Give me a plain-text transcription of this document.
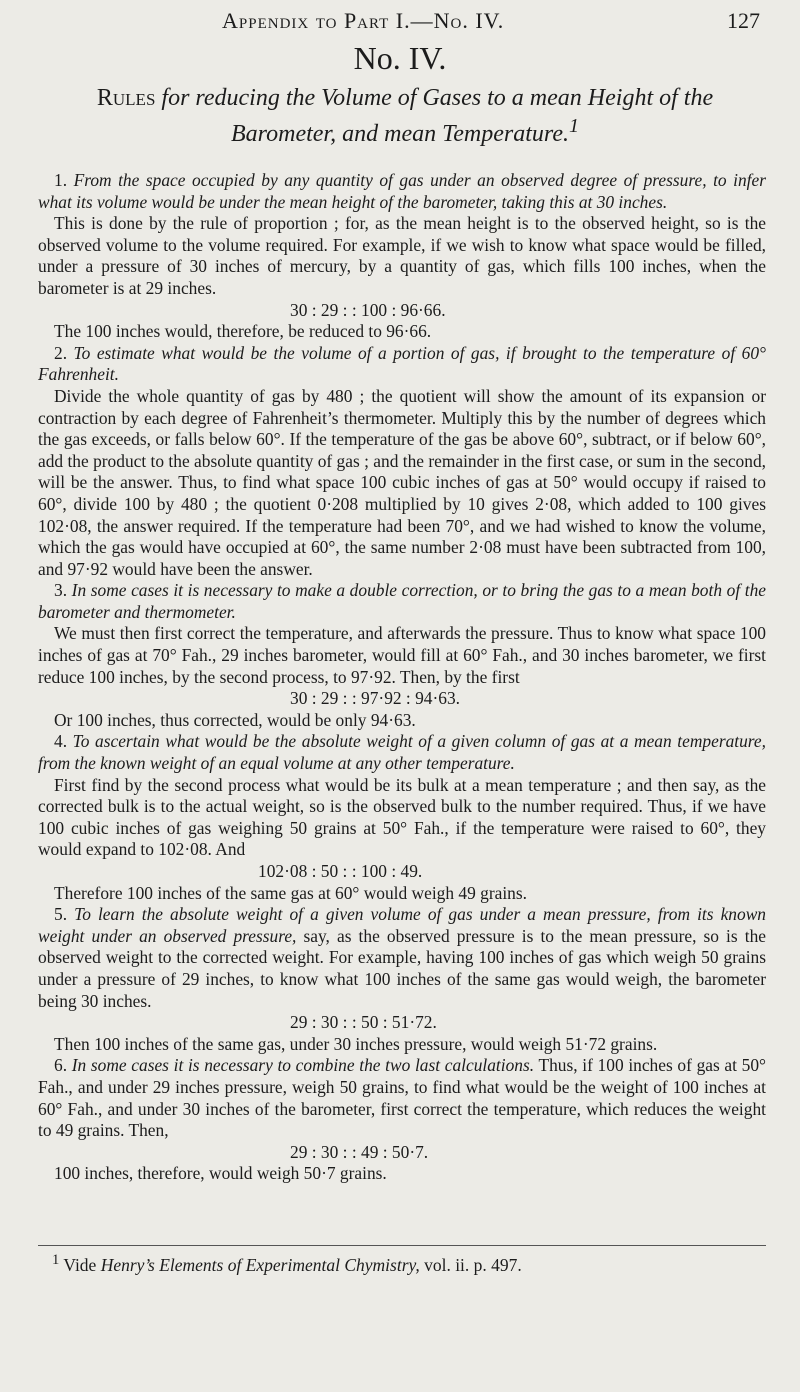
Appendix to Part I.—No. IV.	127
No. IV.
Rules for reducing the Volume of Gases to a mean Height of the Barometer, and mean Temperature.$^1$

1. From the space occupied by any quantity of gas under an observed degree of pressure, to infer what its volume would be under the mean height of the barometer, taking this at 30 inches.

This is done by the rule of proportion ; for, as the mean height is to the observed height, so is the observed volume to the volume required. For example, if we wish to know what space would be filled, under a pressure of 30 inches of mercury, by a quantity of gas, which fills 100 inches, when the barometer is at 29 inches.

30 : 29 : : 100 : 96·66.

The 100 inches would, therefore, be reduced to 96·66.

2. To estimate what would be the volume of a portion of gas, if brought to the temperature of 60° Fahrenheit.

Divide the whole quantity of gas by 480 ; the quotient will show the amount of its expansion or contraction by each degree of Fahrenheit’s thermometer. Multiply this by the number of degrees which the gas exceeds, or falls below 60°. If the temperature of the gas be above 60°, subtract, or if below 60°, add the product to the absolute quantity of gas ; and the remainder in the first case, or sum in the second, will be the answer. Thus, to find what space 100 cubic inches of gas at 50° would occupy if raised to 60°, divide 100 by 480 ; the quotient 0·208 multiplied by 10 gives 2·08, which added to 100 gives 102·08, the answer required. If the temperature had been 70°, and we had wished to know the volume, which the gas would have occupied at 60°, the same number 2·08 must have been subtracted from 100, and 97·92 would have been the answer.

3. In some cases it is necessary to make a double correction, or to bring the gas to a mean both of the barometer and thermometer.

We must then first correct the temperature, and afterwards the pressure. Thus to know what space 100 inches of gas at 70° Fah., 29 inches barometer, would fill at 60° Fah., and 30 inches barometer, we first reduce 100 inches, by the second process, to 97·92. Then, by the first

30 : 29 : : 97·92 : 94·63.

Or 100 inches, thus corrected, would be only 94·63.

4. To ascertain what would be the absolute weight of a given column of gas at a mean temperature, from the known weight of an equal volume at any other temperature.

First find by the second process what would be its bulk at a mean temperature ; and then say, as the corrected bulk is to the actual weight, so is the observed bulk to the number required. Thus, if we have 100 cubic inches of gas weighing 50 grains at 50° Fah., if the temperature were raised to 60°, they would expand to 102·08. And

102·08 : 50 : : 100 : 49.

Therefore 100 inches of the same gas at 60° would weigh 49 grains.

5. To learn the absolute weight of a given volume of gas under a mean pressure, from its known weight under an observed pressure, say, as the observed pressure is to the mean pressure, so is the observed weight to the corrected weight. For example, having 100 inches of gas which weigh 50 grains under a pressure of 29 inches, to know what 100 inches of the same gas would weigh, the barometer being 30 inches.

29 : 30 : : 50 : 51·72.

Then 100 inches of the same gas, under 30 inches pressure, would weigh 51·72 grains.

6. In some cases it is necessary to combine the two last calculations. Thus, if 100 inches of gas at 50° Fah., and under 29 inches pressure, weigh 50 grains, to find what would be the weight of 100 inches at 60° Fah., and under 30 inches of the barometer, first correct the temperature, which reduces the weight to 49 grains. Then,

29 : 30 : : 49 : 50·7.

100 inches, therefore, would weigh 50·7 grains.

$^1$ Vide Henry’s Elements of Experimental Chymistry, vol. ii. p. 497.
